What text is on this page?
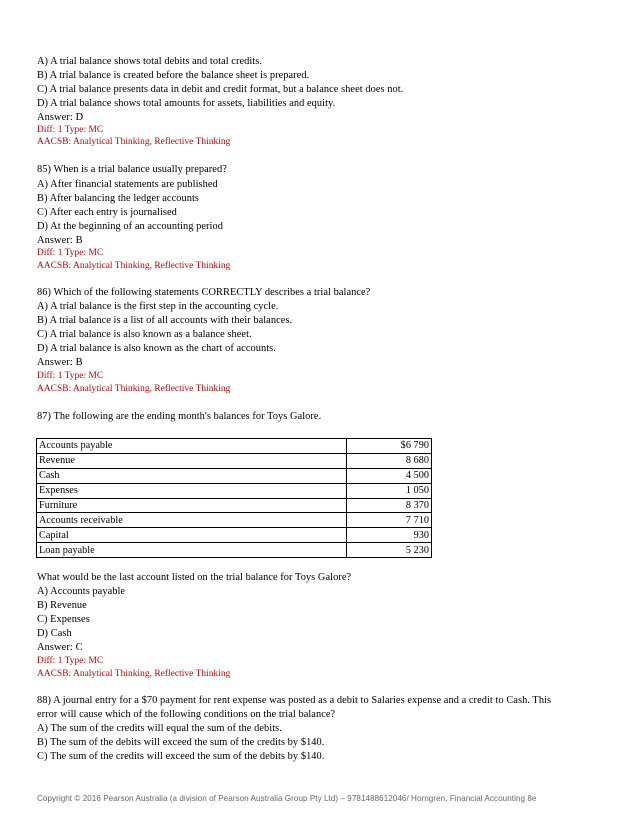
A) A trial balance shows total debits and total credits.
B) A trial balance is created before the balance sheet is prepared.
C) A trial balance presents data in debit and credit format, but a balance sheet does not.
D) A trial balance shows total amounts for assets, liabilities and equity.
Answer: D
Diff: 1 Type: MC
AACSB: Analytical Thinking, Reflective Thinking
85) When is a trial balance usually prepared?
A) After financial statements are published
B) After balancing the ledger accounts
C) After each entry is journalised
D) At the beginning of an accounting period
Answer: B
Diff: 1 Type: MC
AACSB: Analytical Thinking, Reflective Thinking
86) Which of the following statements CORRECTLY describes a trial balance?
A) A trial balance is the first step in the accounting cycle.
B) A trial balance is a list of all accounts with their balances.
C) A trial balance is also known as a balance sheet.
D) A trial balance is also known as the chart of accounts.
Answer: B
Diff: 1 Type: MC
AACSB: Analytical Thinking, Reflective Thinking
87) The following are the ending month's balances for Toys Galore.
Accounts payable	$6 790
Revenue	8 680
Cash	4 500
Expenses	1 050
Furniture	8 370
Accounts receivable	7 710
Capital	930
Loan payable	5 230
What would be the last account listed on the trial balance for Toys Galore?
A) Accounts payable
B) Revenue
C) Expenses
D) Cash
Answer: C
Diff: 1 Type: MC
AACSB: Analytical Thinking, Reflective Thinking
88) A journal entry for a $70 payment for rent expense was posted as a debit to Salaries expense and a credit to Cash. This
error will cause which of the following conditions on the trial balance?
A) The sum of the credits will equal the sum of the debits.
B) The sum of the debits will exceed the sum of the credits by $140.
C) The sum of the credits will exceed the sum of the debits by $140.
Copyright © 2016 Pearson Australia (a division of Pearson Australia Group Pty Ltd) – 9781488612046/ Horngren, Financial Accounting 8e
